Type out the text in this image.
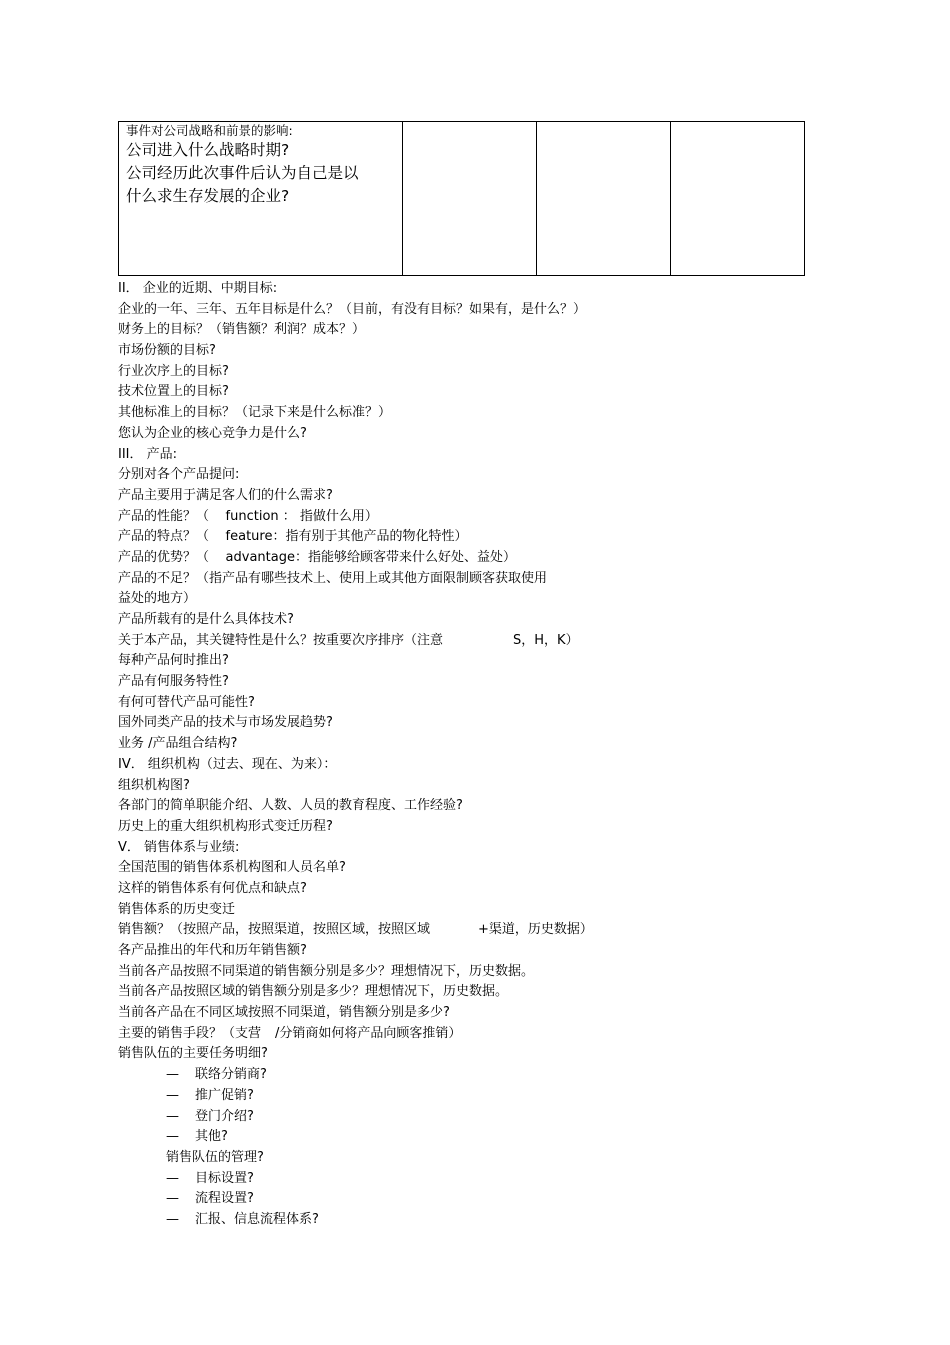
事件对公司战略和前景的影响:
公司进入什么战略时期?
公司经历此次事件后认为自己是以
什么求生存发展的企业?
II． 企业的近期、中期目标:
企业的一年、三年、五年目标是什么？（目前，有没有目标？如果有，是什么？）
财务上的目标？（销售额？利润？成本？）
市场份额的目标?
行业次序上的目标?
技术位置上的目标?
其他标准上的目标？（记录下来是什么标准？）
您认为企业的核心竞争力是什么?
III． 产品:
分别对各个产品提问:
产品主要用于满足客人们的什么需求?
产品的性能？（    function ： 指做什么用）
产品的特点？（    feature：指有别于其他产品的物化特性）
产品的优势？（    advantage：指能够给顾客带来什么好处、益处）
产品的不足？（指产品有哪些技术上、使用上或其他方面限制顾客获取使用
益处的地方）
产品所载有的是什么具体技术?
关于本产品，其关键特性是什么？按重要次序排序（注意	S，H，K）
每种产品何时推出?
产品有何服务特性?
有何可替代产品可能性?
国外同类产品的技术与市场发展趋势?
业务 /产品组合结构?
IV． 组织机构（过去、现在、为来）：
组织机构图?
各部门的简单职能介绍、人数、人员的教育程度、工作经验?
历史上的重大组织机构形式变迁历程?
V． 销售体系与业绩:
全国范围的销售体系机构图和人员名单?
这样的销售体系有何优点和缺点?
销售体系的历史变迁
销售额？（按照产品，按照渠道，按照区域，按照区域	+渠道，历史数据）
各产品推出的年代和历年销售额?
当前各产品按照不同渠道的销售额分别是多少？理想情况下，历史数据。
当前各产品按照区域的销售额分别是多少？理想情况下，历史数据。
当前各产品在不同区域按照不同渠道，销售额分别是多少?
主要的销售手段？（支营 /分销商如何将产品向顾客推销）
销售队伍的主要任务明细?
— 联络分销商?
— 推广促销?
— 登门介绍?
— 其他?
销售队伍的管理?
— 目标设置?
— 流程设置?
— 汇报、信息流程体系?
